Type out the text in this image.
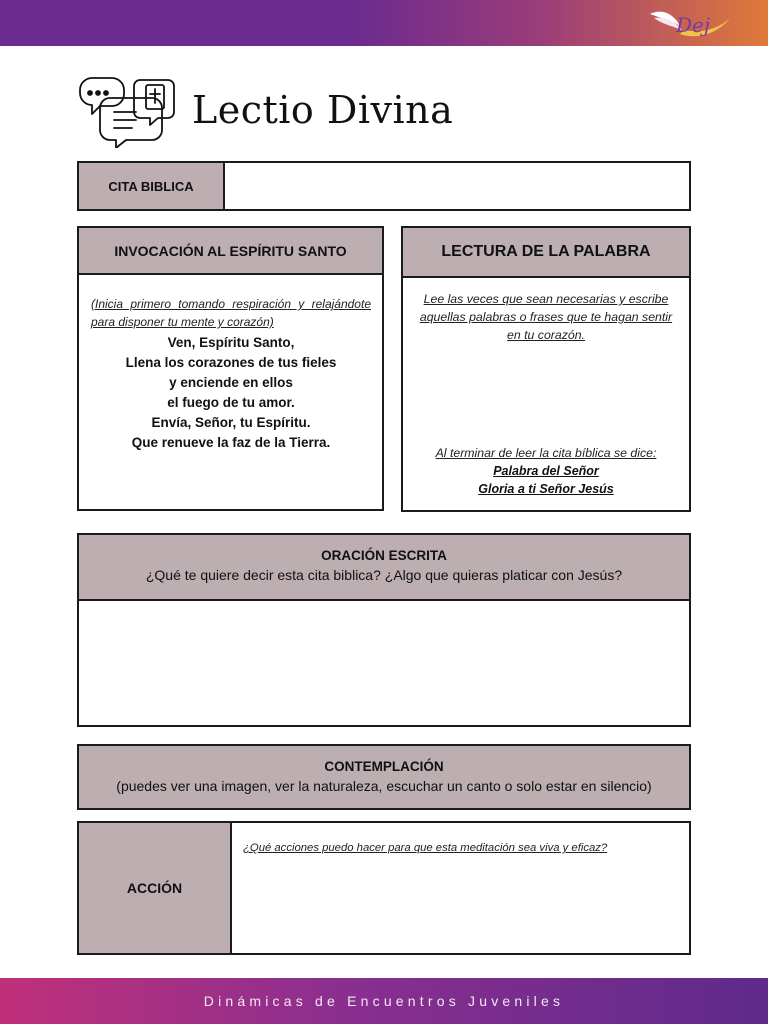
Dej
Lectio Divina
CITA BIBLICA
INVOCACIÓN AL ESPÍRITU SANTO

(Inicia primero tomando respiración y relajándote para disponer tu mente y corazón)

Ven, Espíritu Santo,
Llena los corazones de tus fieles
y enciende en ellos
el fuego de tu amor.
Envía, Señor, tu Espíritu.
Que renueve la faz de la Tierra.
LECTURA DE LA PALABRA

Lee las veces que sean necesarias y escribe aquellas palabras o frases que te hagan sentir en tu corazón.

Al terminar de leer la cita bíblica se dice:

Palabra del Señor

Gloria a ti Señor Jesús

ORACIÓN ESCRITA
¿Qué te quiere decir esta cita biblica? ¿Algo que quieras platicar con Jesús?
CONTEMPLACIÓN
(puedes ver una imagen, ver la naturaleza, escuchar un canto o solo estar en silencio)
ACCIÓN

¿Qué acciones puedo hacer para que esta meditación sea viva y eficaz?

Dinámicas de Encuentros Juveniles
